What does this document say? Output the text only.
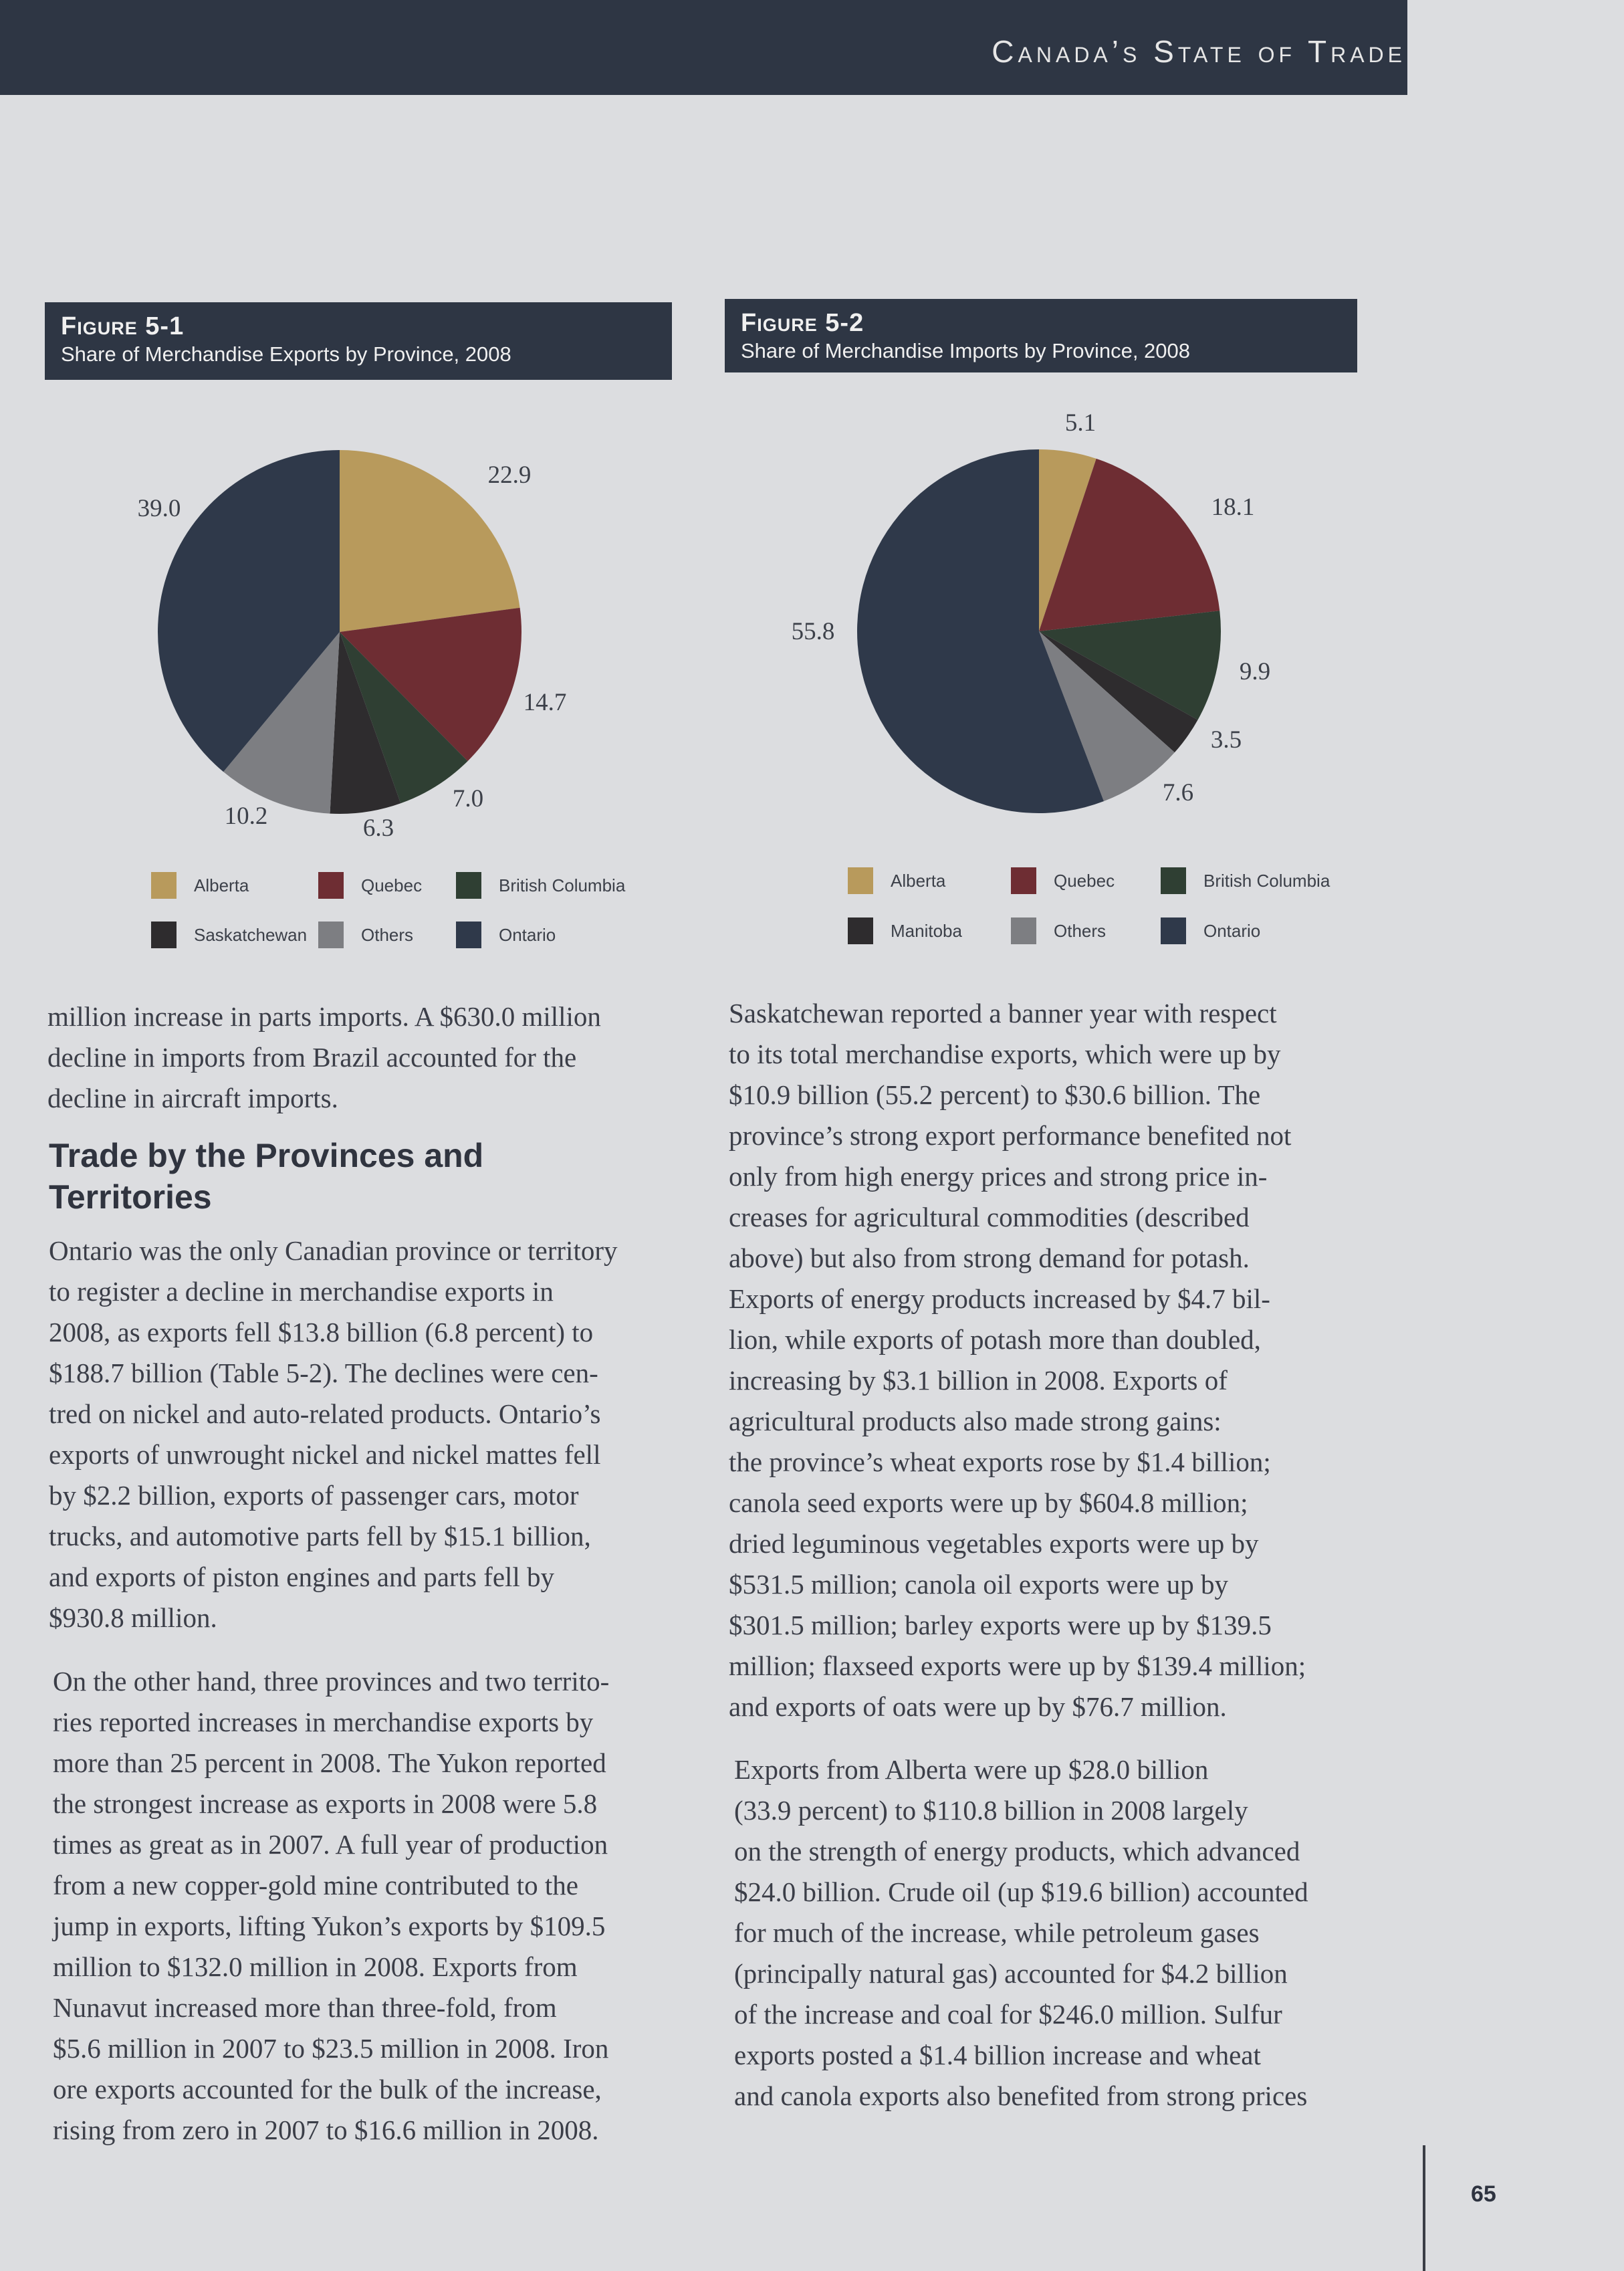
Canada’s State of Trade
Figure 5-1
Share of Merchandise Exports by Province, 2008
22.9
14.7
7.0
6.3
10.2
39.0
Alberta	Quebec	British Columbia
Saskatchewan	Others	Ontario
Figure 5-2
Share of Merchandise Imports by Province, 2008
5.1
18.1
9.9
3.5
7.6
55.8
Alberta	Quebec	British Columbia
Manitoba	Others	Ontario
million increase in parts imports. A $630.0 million
decline in imports from Brazil accounted for the
decline in aircraft imports.
Trade by the Provinces and
Territories
Ontario was the only Canadian province or territory
to register a decline in merchandise exports in
2008, as exports fell $13.8 billion (6.8 percent) to
$188.7 billion (Table 5-2). The declines were cen-
tred on nickel and auto-related products. Ontario’s
exports of unwrought nickel and nickel mattes fell
by $2.2 billion, exports of passenger cars, motor
trucks, and automotive parts fell by $15.1 billion,
and exports of piston engines and parts fell by
$930.8 million.
On the other hand, three provinces and two territo-
ries reported increases in merchandise exports by
more than 25 percent in 2008. The Yukon reported
the strongest increase as exports in 2008 were 5.8
times as great as in 2007. A full year of production
from a new copper-gold mine contributed to the
jump in exports, lifting Yukon’s exports by $109.5
million to $132.0 million in 2008. Exports from
Nunavut increased more than three-fold, from
$5.6 million in 2007 to $23.5 million in 2008. Iron
ore exports accounted for the bulk of the increase,
rising from zero in 2007 to $16.6 million in 2008.
Saskatchewan reported a banner year with respect
to its total merchandise exports, which were up by
$10.9 billion (55.2 percent) to $30.6 billion. The
province’s strong export performance benefited not
only from high energy prices and strong price in-
creases for agricultural commodities (described
above) but also from strong demand for potash.
Exports of energy products increased by $4.7 bil-
lion, while exports of potash more than doubled,
increasing by $3.1 billion in 2008. Exports of
agricultural products also made strong gains:
the province’s wheat exports rose by $1.4 billion;
canola seed exports were up by $604.8 million;
dried leguminous vegetables exports were up by
$531.5 million; canola oil exports were up by
$301.5 million; barley exports were up by $139.5
million; flaxseed exports were up by $139.4 million;
and exports of oats were up by $76.7 million.
Exports from Alberta were up $28.0 billion
(33.9 percent) to $110.8 billion in 2008 largely
on the strength of energy products, which advanced
$24.0 billion. Crude oil (up $19.6 billion) accounted
for much of the increase, while petroleum gases
(principally natural gas) accounted for $4.2 billion
of the increase and coal for $246.0 million. Sulfur
exports posted a $1.4 billion increase and wheat
and canola exports also benefited from strong prices
65
